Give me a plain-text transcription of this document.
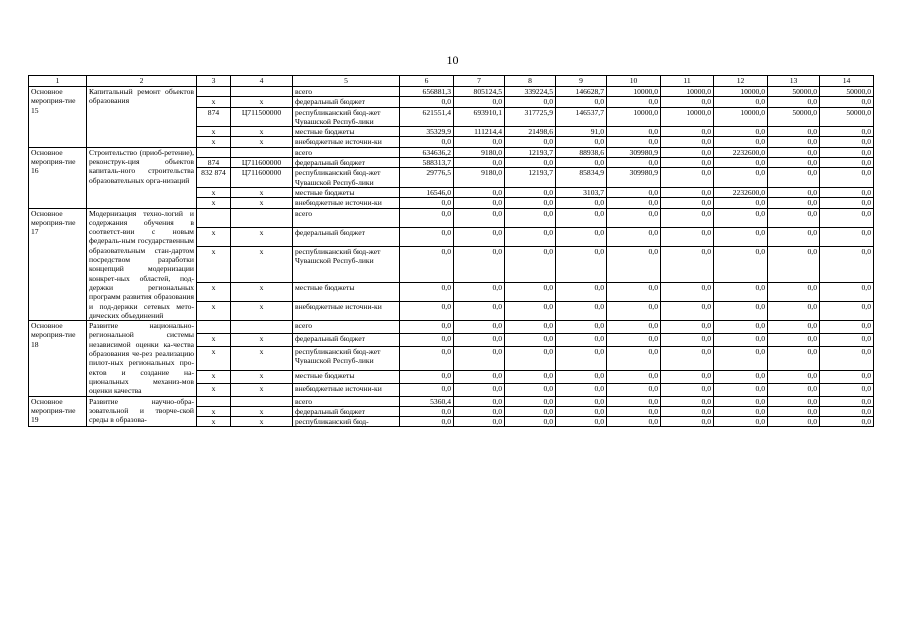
10
1	2	3	4	5	6	7	8	9	10	11	12	13	14
Основное мероприя-тие 15	Капитальный ремонт объектов образования			всего	656881,3	805124,5	339224,5	146628,7	10000,0	10000,0	10000,0	50000,0	50000,0
		х	х	федеральный бюджет	0,0	0,0	0,0	0,0	0,0	0,0	0,0	0,0	0,0
		874	Ц711500000	республиканский бюд-жет Чувашской Респуб-лики	621551,4	693910,1	317725,9	146537,7	10000,0	10000,0	10000,0	50000,0	50000,0
		х	х	местные бюджеты	35329,9	111214,4	21498,6	91,0	0,0	0,0	0,0	0,0	0,0
		х	х	внебюджетные источни-ки	0,0	0,0	0,0	0,0	0,0	0,0	0,0	0,0	0,0
Основное мероприя-тие 16	Строительство (приоб-ретение), реконструк-ция объектов капиталь-ного строительства образовательных орга-низаций			всего	634636,2	9180,0	12193,7	88938,6	309980,9	0,0	2232600,0	0,0	0,0
		874	Ц711600000	федеральный бюджет	588313,7	0,0	0,0	0,0	0,0	0,0	0,0	0,0	0,0
		832 874	Ц711600000	республиканский бюд-жет Чувашской Респуб-лики	29776,5	9180,0	12193,7	85834,9	309980,9	0,0	0,0	0,0	0,0
		х	х	местные бюджеты	16546,0	0,0	0,0	3103,7	0,0	0,0	2232600,0	0,0	0,0
		х	х	внебюджетные источни-ки	0,0	0,0	0,0	0,0	0,0	0,0	0,0	0,0	0,0
Основное мероприя-тие 17	Модернизация техно-логий и содержания обучения в соответст-вии с новым федераль-ным государственным образовательным стан-дартом посредством разработки концепций модернизации конкрет-ных областей, под-держки региональных программ развития образования и под-держки сетевых мето-дических объединений			всего	0,0	0,0	0,0	0,0	0,0	0,0	0,0	0,0	0,0
		х	х	федеральный бюджет	0,0	0,0	0,0	0,0	0,0	0,0	0,0	0,0	0,0
		х	х	республиканский бюд-жет Чувашской Респуб-лики	0,0	0,0	0,0	0,0	0,0	0,0	0,0	0,0	0,0
		х	х	местные бюджеты	0,0	0,0	0,0	0,0	0,0	0,0	0,0	0,0	0,0
		х	х	внебюджетные источни-ки	0,0	0,0	0,0	0,0	0,0	0,0	0,0	0,0	0,0
Основное мероприя-тие 18	Развитие национально-региональной системы независимой оценки ка-чества образования че-рез реализацию пилот-ных региональных про-ектов и создание на-циональных механиз-мов оценки качества			всего	0,0	0,0	0,0	0,0	0,0	0,0	0,0	0,0	0,0
		х	х	федеральный бюджет	0,0	0,0	0,0	0,0	0,0	0,0	0,0	0,0	0,0
		х	х	республиканский бюд-жет Чувашской Респуб-лики	0,0	0,0	0,0	0,0	0,0	0,0	0,0	0,0	0,0
		х	х	местные бюджеты	0,0	0,0	0,0	0,0	0,0	0,0	0,0	0,0	0,0
		х	х	внебюджетные источни-ки	0,0	0,0	0,0	0,0	0,0	0,0	0,0	0,0	0,0
Основное мероприя-тие 19	Развитие научно-обра-зовательной и творче-ской среды в образова-			всего	5360,4	0,0	0,0	0,0	0,0	0,0	0,0	0,0	0,0
		х	х	федеральный бюджет	0,0	0,0	0,0	0,0	0,0	0,0	0,0	0,0	0,0
		х	х	республиканский бюд-	0,0	0,0	0,0	0,0	0,0	0,0	0,0	0,0	0,0
